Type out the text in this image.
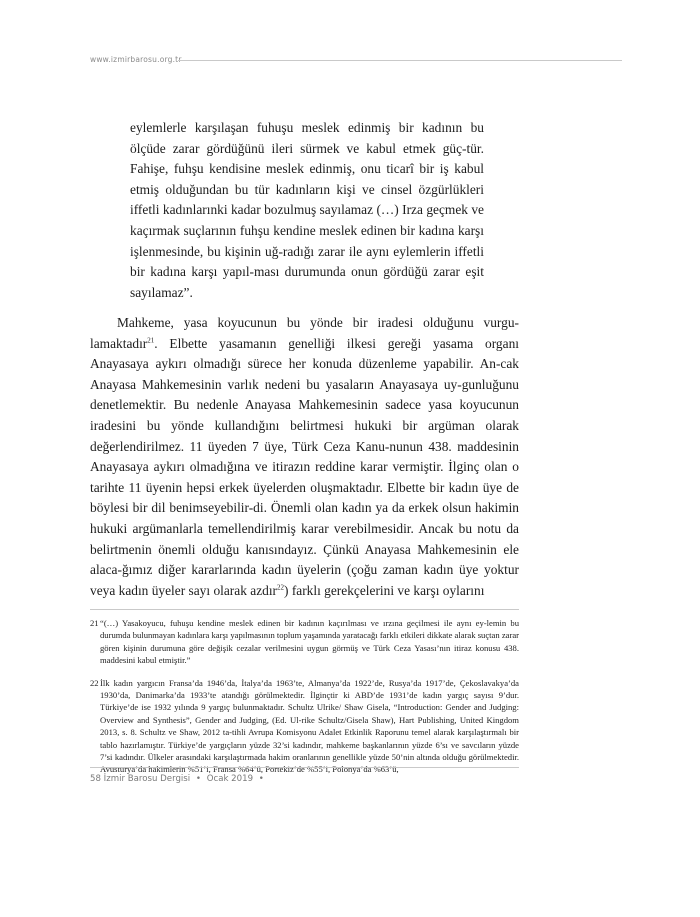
www.izmirbarosu.org.tr
eylemlerle karşılaşan fuhuşu meslek edinmiş bir kadının bu ölçüde zarar gördüğünü ileri sürmek ve kabul etmek güç-tür. Fahişe, fuhşu kendisine meslek edinmiş, onu ticarî bir iş kabul etmiş olduğundan bu tür kadınların kişi ve cinsel özgürlükleri iffetli kadınlarınki kadar bozulmuş sayılamaz (…) Irza geçmek ve kaçırmak suçlarının fuhşu kendine meslek edinen bir kadına karşı işlenmesinde, bu kişinin uğ-radığı zarar ile aynı eylemlerin iffetli bir kadına karşı yapıl-ması durumunda onun gördüğü zarar eşit sayılamaz”.

Mahkeme, yasa koyucunun bu yönde bir iradesi olduğunu vurgu-lamaktadır$^{21}$. Elbette yasamanın genelliği ilkesi gereği yasama organı Anayasaya aykırı olmadığı sürece her konuda düzenleme yapabilir. An-cak Anayasa Mahkemesinin varlık nedeni bu yasaların Anayasaya uy-gunluğunu denetlemektir. Bu nedenle Anayasa Mahkemesinin sadece yasa koyucunun iradesini bu yönde kullandığını belirtmesi hukuki bir argüman olarak değerlendirilmez. 11 üyeden 7 üye, Türk Ceza Kanu-nunun 438. maddesinin Anayasaya aykırı olmadığına ve itirazın reddine karar vermiştir. İlginç olan o tarihte 11 üyenin hepsi erkek üyelerden oluşmaktadır. Elbette bir kadın üye de böylesi bir dil benimseyebilir-di. Önemli olan kadın ya da erkek olsun hakimin hukuki argümanlarla temellendirilmiş karar verebilmesidir. Ancak bu notu da belirtmenin önemli olduğu kanısındayız. Çünkü Anayasa Mahkemesinin ele alaca-ğımız diğer kararlarında kadın üyelerin (çoğu zaman kadın üye yoktur veya kadın üyeler sayı olarak azdır$^{22}$) farklı gerekçelerini ve karşı oylarını

21 “(…) Yasakoyucu, fuhuşu kendine meslek edinen bir kadının kaçırılması ve ırzına geçilmesi ile aynı ey-lemin bu durumda bulunmayan kadınlara karşı yapılmasının toplum yaşamında yaratacağı farklı etkileri dikkate alarak suçtan zarar gören kişinin durumuna göre değişik cezalar verilmesini uygun görmüş ve Türk Ceza Yasası’nın itiraz konusu 438. maddesini kabul etmiştir.”
22 İlk kadın yargıcın Fransa’da 1946’da, İtalya’da 1963’te, Almanya’da 1922’de, Rusya’da 1917’de, Çekoslavakya’da 1930’da, Danimarka’da 1933’te atandığı görülmektedir. İlginçtir ki ABD’de 1931’de kadın yargıç sayısı 9’dur. Türkiye’de ise 1932 yılında 9 yargıç bulunmaktadır. Schultz Ulrike/ Shaw Gisela, “Introduction: Gender and Judging: Overview and Synthesis”, Gender and Judging, (Ed. Ul-rike Schultz/Gisela Shaw), Hart Publishing, United Kingdom 2013, s. 8. Schultz ve Shaw, 2012 ta-tihli Avrupa Komisyonu Adalet Etkinlik Raporunu temel alarak karşılaştırmalı bir tablo hazırlamıştır. Türkiye’de yargıçların yüzde 32’si kadındır, mahkeme başkanlarının yüzde 6’sı ve savcıların yüzde 7’si kadındır. Ülkeler arasındaki karşılaştırmada hakim oranlarının genellikle yüzde 50’nin altında olduğu görülmektedir. Avusturya’da hakimlerin %51’i, Fransa %64’ü, Portekiz’de %55’i, Polonya’da %63’ü,
58 İzmir Barosu Dergisi • Ocak 2019 •
